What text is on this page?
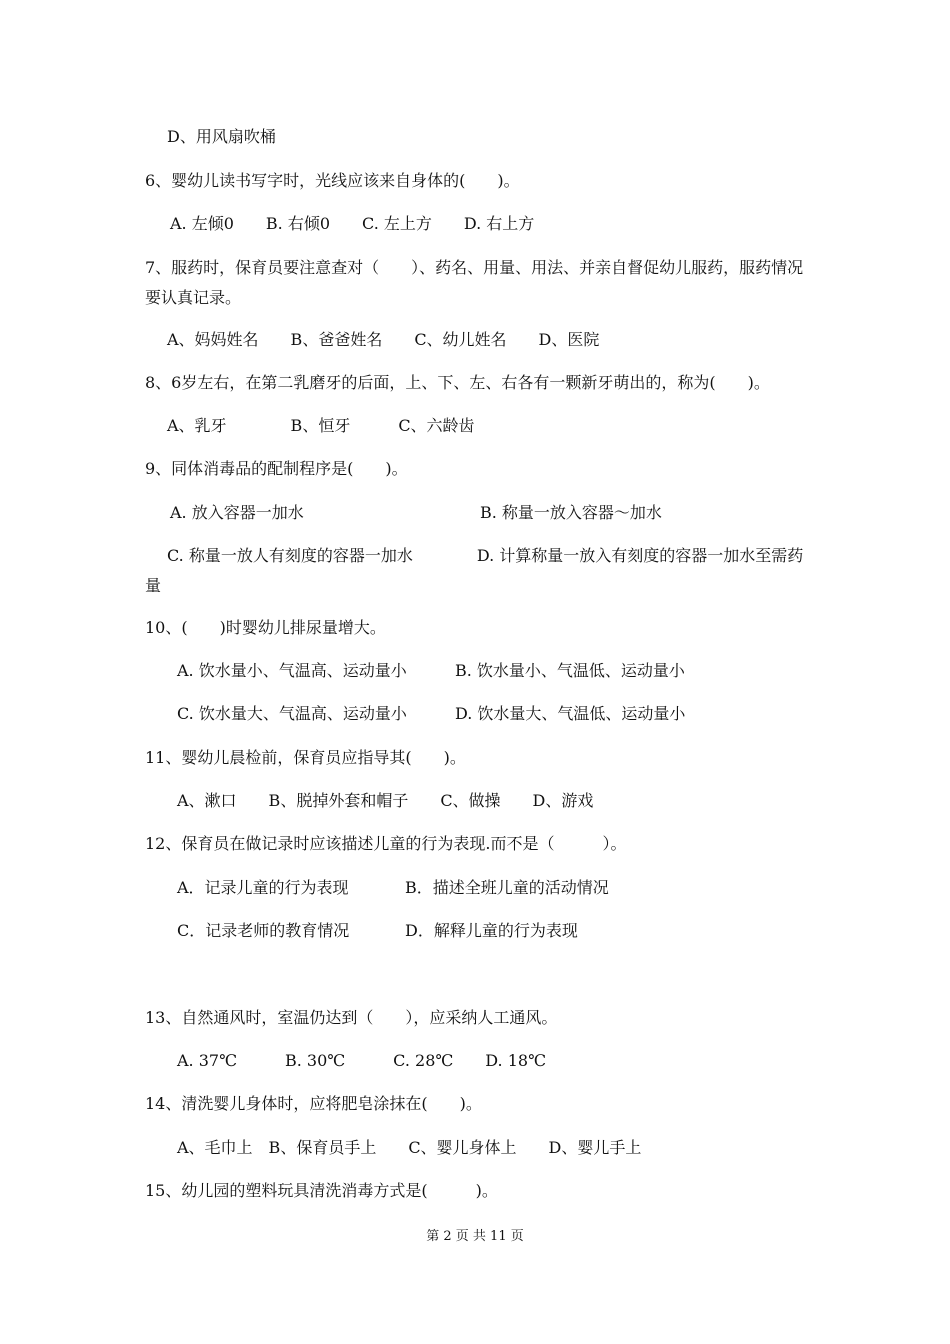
D、用风扇吹桶
6、婴幼儿读书写字时，光线应该来自身体的(　　)。
A. 左倾0　　B. 右倾0　　C. 左上方　　D. 右上方
7、服药时，保育员要注意查对（　　）、药名、用量、用法、并亲自督促幼儿服药，服药情况要认真记录。
A、妈妈姓名　　B、爸爸姓名　　C、幼儿姓名　　D、医院
8、6岁左右，在第二乳磨牙的后面，上、下、左、右各有一颗新牙萌出的，称为(　　)。
A、乳牙　　　　B、恒牙　　　C、六龄齿
9、同体消毒品的配制程序是(　　)。
A. 放入容器一加水	B. 称量一放入容器～加水
C. 称量一放人有刻度的容器一加水　　　　D. 计算称量一放入有刻度的容器一加水至需药量
10、(　　)时婴幼儿排尿量增大。
A. 饮水量小、气温高、运动量小	B. 饮水量小、气温低、运动量小
C. 饮水量大、气温高、运动量小	D. 饮水量大、气温低、运动量小
11、婴幼儿晨检前，保育员应指导其(　　)。
A、漱口　　B、脱掉外套和帽子　　C、做操　　D、游戏
12、保育员在做记录时应该描述儿童的行为表现.而不是（　　　）。
A．记录儿童的行为表现	B．描述全班儿童的活动情况
C．记录老师的教育情况	D．解释儿童的行为表现
13、自然通风时，室温仍达到（　　），应采纳人工通风。
A. 37℃　　　B. 30℃　　　C. 28℃　　D. 18℃
14、清洗婴儿身体时，应将肥皂涂抹在(　　)。
A、毛巾上　B、保育员手上　　C、婴儿身体上　　D、婴儿手上
15、幼儿园的塑料玩具清洗消毒方式是(　　　)。
第 2 页 共 11 页
